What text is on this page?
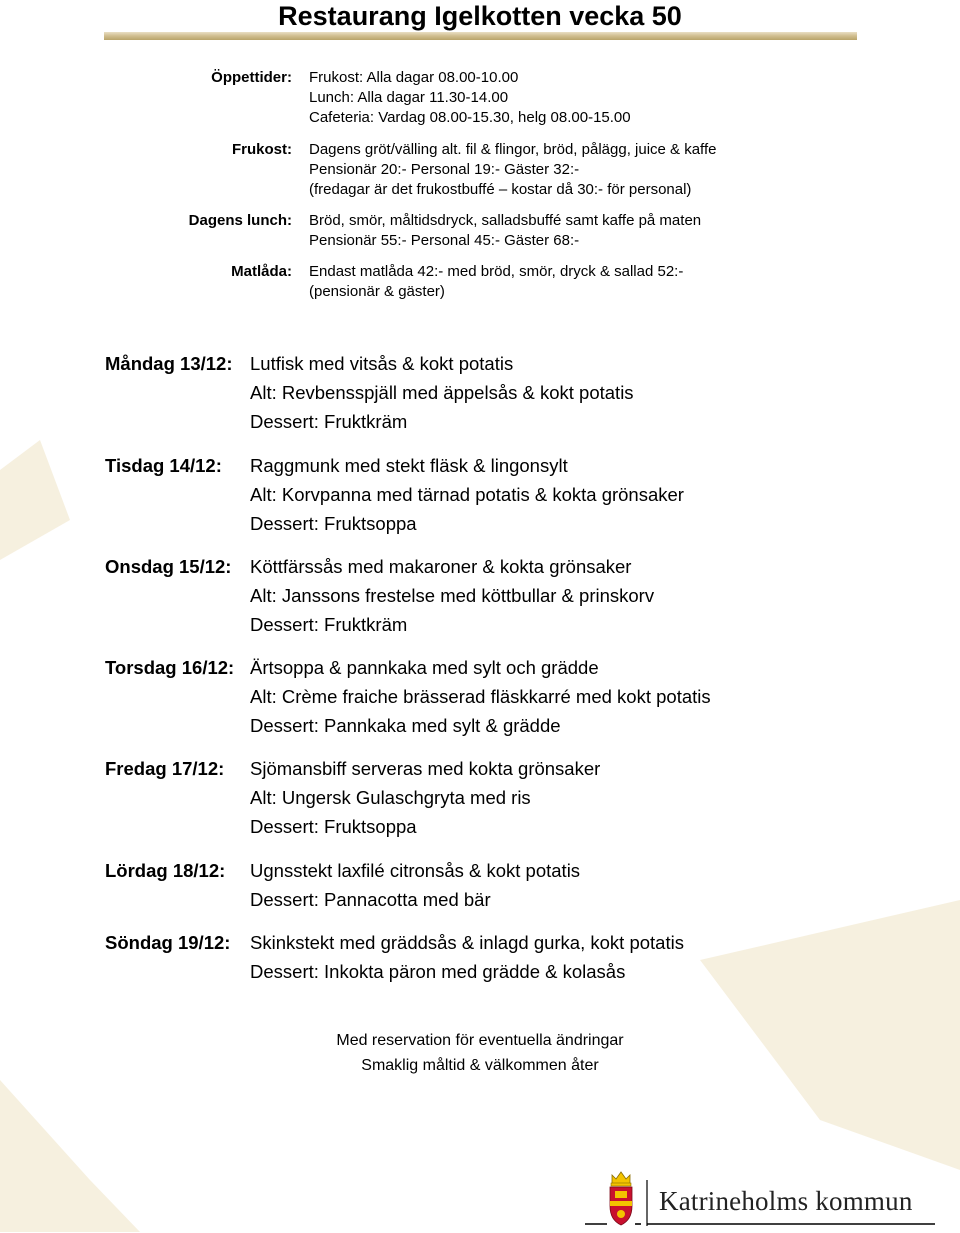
Restaurang Igelkotten vecka 50
Öppettider: Frukost: Alla dagar 08.00-10.00
Lunch: Alla dagar 11.30-14.00
Cafeteria: Vardag 08.00-15.30, helg 08.00-15.00
Frukost: Dagens gröt/välling alt. fil & flingor, bröd, pålägg, juice & kaffe
Pensionär 20:- Personal 19:- Gäster 32:-
(fredagar är det frukostbuffé – kostar då 30:- för personal)
Dagens lunch: Bröd, smör, måltidsdryck, salladsbuffé samt kaffe på maten
Pensionär 55:- Personal 45:- Gäster 68:-
Matlåda: Endast matlåda 42:- med bröd, smör, dryck & sallad 52:-
(pensionär & gäster)
Måndag 13/12: Lutfisk med vitsås & kokt potatis
Alt: Revbensspjäll med äppelsås & kokt potatis
Dessert: Fruktkräm
Tisdag 14/12: Raggmunk med stekt fläsk & lingonsylt
Alt: Korvpanna med tärnad potatis & kokta grönsaker
Dessert: Fruktsoppa
Onsdag 15/12: Köttfärssås med makaroner & kokta grönsaker
Alt: Janssons frestelse med köttbullar & prinskorv
Dessert: Fruktkräm
Torsdag 16/12: Ärtsoppa & pannkaka med sylt och grädde
Alt: Crème fraiche brässerad fläskkarré med kokt potatis
Dessert: Pannkaka med sylt & grädde
Fredag 17/12: Sjömansbiff serveras med kokta grönsaker
Alt: Ungersk Gulaschgryta med ris
Dessert: Fruktsoppa
Lördag 18/12: Ugnsstekt laxfilé citronsås & kokt potatis
Dessert: Pannacotta med bär
Söndag 19/12: Skinkstekt med gräddsås & inlagd gurka, kokt potatis
Dessert: Inkokta päron med grädde & kolasås
Med reservation för eventuella ändringar
Smaklig måltid & välkommen åter
Katrineholms kommun
